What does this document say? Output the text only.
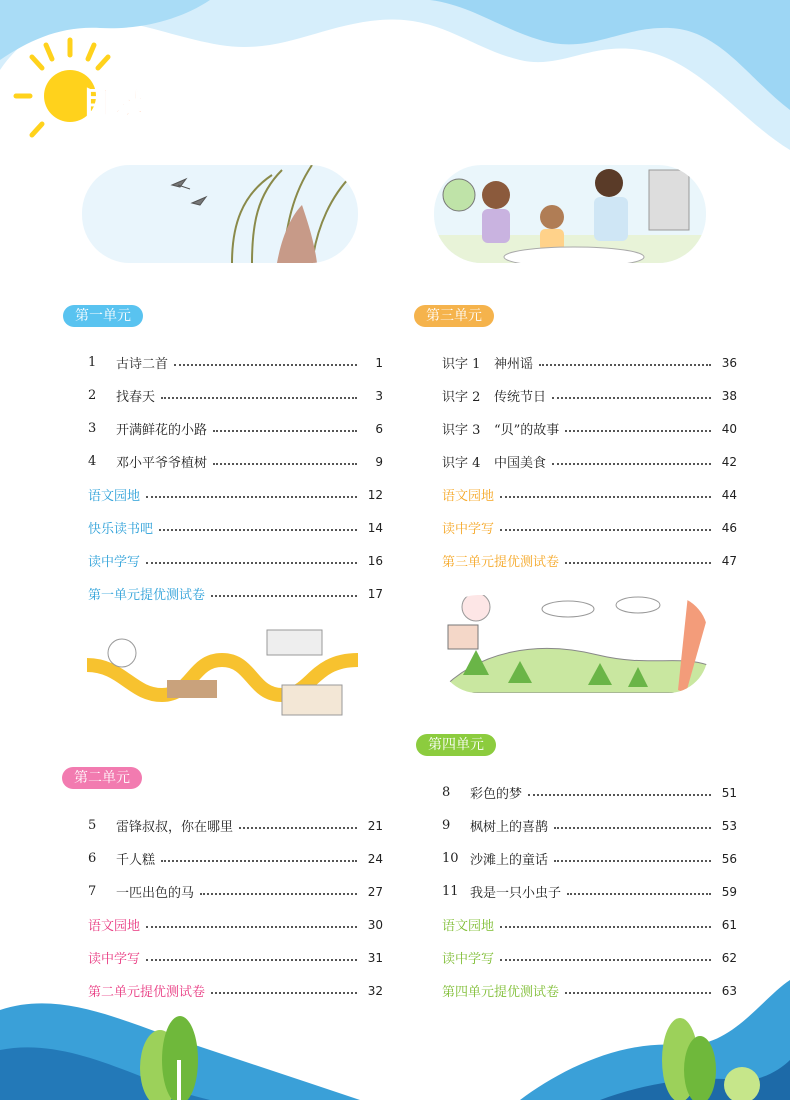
目录
第一单元
第二单元
第三单元
第四单元
1	古诗二首	1
2	找春天	3
3	开满鲜花的小路	6
4	邓小平爷爷植树	9
语文园地	12
快乐读书吧	14
读中学写	16
第一单元提优测试卷	17
5	雷锋叔叔，你在哪里	21
6	千人糕	24
7	一匹出色的马	27
语文园地	30
读中学写	31
第二单元提优测试卷	32
识字 1	神州谣	36
识字 2	传统节日	38
识字 3	“贝”的故事	40
识字 4	中国美食	42
语文园地	44
读中学写	46
第三单元提优测试卷	47
8	彩色的梦	51
9	枫树上的喜鹊	53
10 沙滩上的童话	56
11 我是一只小虫子	59
语文园地	61
读中学写	62
第四单元提优测试卷	63
